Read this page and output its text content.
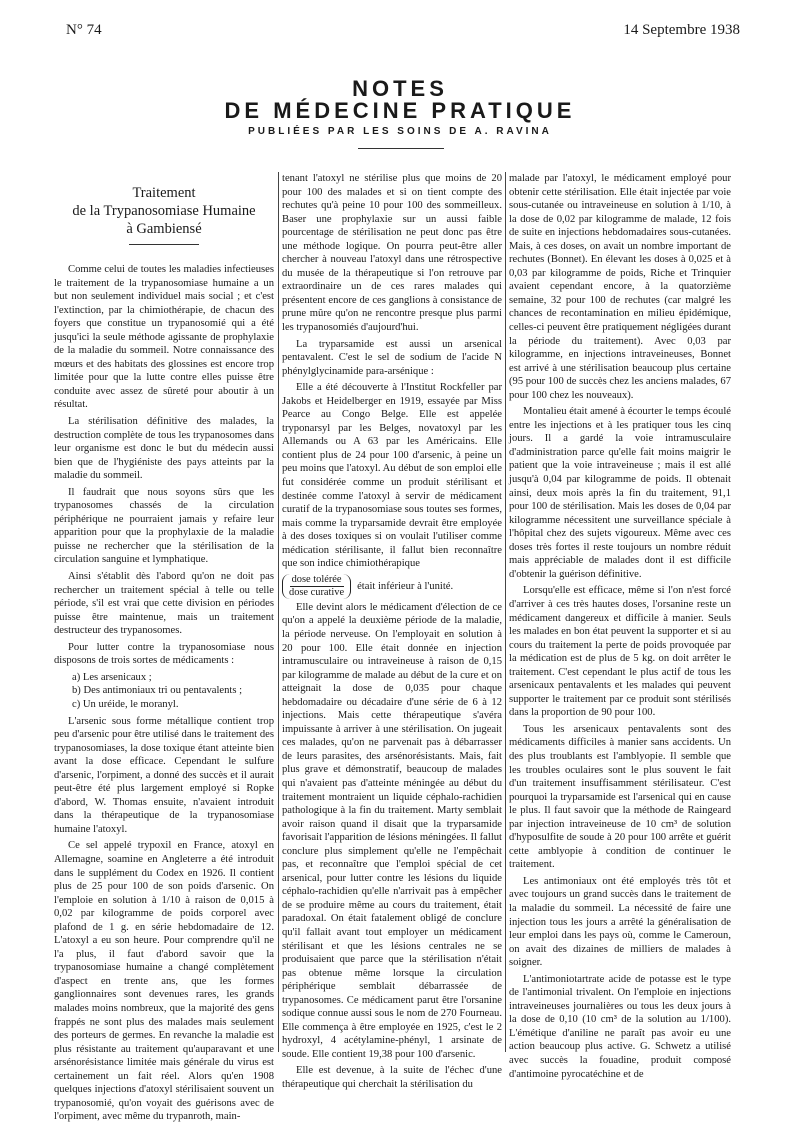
N° 74	14 Septembre 1938
NOTES
DE MÉDECINE PRATIQUE
PUBLIÉES PAR LES SOINS DE A. RAVINA
Traitement
de la Trypanosomiase Humaine
à Gambiensé

Comme celui de toutes les maladies infectieuses le traitement de la trypanosomiase humaine a un but non seulement individuel mais social ; et c'est l'extinction, par la chimiothérapie, de chacun des foyers que constitue un trypanosomié qui a été jusqu'ici la seule méthode agissante de prophylaxie de la maladie du sommeil. Notre connaissance des mœurs et des habitats des glossines est encore trop limitée pour que la lutte contre elles puisse être conduite avec assez de sûreté pour aboutir à un résultat.

La stérilisation définitive des malades, la destruction complète de tous les trypanosomes dans leur organisme est donc le but du médecin aussi bien que de l'hygiéniste des pays atteints par la maladie du sommeil.

Il faudrait que nous soyons sûrs que les trypanosomes chassés de la circulation périphérique ne pourraient jamais y refaire leur apparition pour que la prophylaxie de la maladie puisse ne rechercher que la stérilisation de la circulation sanguine et lymphatique.

Ainsi s'établit dès l'abord qu'on ne doit pas rechercher un traitement spécial à telle ou telle période, s'il est vrai que cette division en périodes puisse être maintenue, mais un traitement destructeur des trypanosomes.

Pour lutter contre la trypanosomiase nous disposons de trois sortes de médicaments :

a) Les arsenicaux ;
b) Des antimoniaux tri ou pentavalents ;
c) Un uréide, le moranyl.

L'arsenic sous forme métallique contient trop peu d'arsenic pour être utilisé dans le traitement des trypanosomiases, la dose toxique étant atteinte bien avant la dose efficace. Cependant le sulfure d'arsenic, l'orpiment, a donné des succès et il aurait peut-être été plus largement employé si Ropke d'abord, W. Thomas ensuite, n'avaient introduit dans la thérapeutique de la trypanosomiase humaine l'atoxyl.

Ce sel appelé trypoxil en France, atoxyl en Allemagne, soamine en Angleterre a été introduit dans le supplément du Codex en 1926. Il contient plus de 25 pour 100 de son poids d'arsenic. On l'emploie en solution à 1/10 à raison de 0,015 à 0,02 par kilogramme de poids corporel avec plafond de 1 g. en série hebdomadaire de 12. L'atoxyl a eu son heure. Pour comprendre qu'il ne l'a plus, il faut d'abord savoir que la trypanosomiase humaine a changé complètement d'aspect en trente ans, que les formes ganglionnaires sont devenues rares, les grands malades moins nombreux, que la majorité des gens frappés ne sont plus des malades mais seulement des porteurs de germes. En revanche la maladie est plus résistante au traitement qu'auparavant et une arsénorésistance limitée mais générale du virus est certainement un fait réel. Alors qu'en 1908 quelques injections d'atoxyl stérilisaient souvent un trypanosomié, qu'on voyait des guérisons avec de l'orpiment, avec même du trypanroth, main-

tenant l'atoxyl ne stérilise plus que moins de 20 pour 100 des malades et si on tient compte des rechutes qu'à peine 10 pour 100 des sommeilleux. Baser une prophylaxie sur un aussi faible pourcentage de stérilisation ne peut donc pas être une méthode logique. On pourra peut-être aller chercher à nouveau l'atoxyl dans une rétrospective du musée de la thérapeutique si l'on retrouve par extraordinaire un de ces rares malades qui présentent encore de ces ganglions à consistance de prune mûre qu'on ne rencontre presque plus parmi les trypanosomiés d'aujourd'hui.

La tryparsamide est aussi un arsenical pentavalent. C'est le sel de sodium de l'acide N phénylglycinamide para-arsénique :

Elle a été découverte à l'Institut Rockfeller par Jakobs et Heidelberger en 1919, essayée par Miss Pearce au Congo Belge. Elle est appelée tryponarsyl par les Belges, novatoxyl par les Allemands ou A 63 par les Américains. Elle contient plus de 24 pour 100 d'arsenic, à peine un peu moins que l'atoxyl. Au début de son emploi elle fut considérée comme un produit stérilisant et destinée comme l'atoxyl à servir de médicament curatif de la trypanosomiase sous toutes ses formes, mais comme la tryparsamide devrait être employée à des doses toxiques si on voulait l'utiliser comme médication stérilisante, il fallut bien reconnaître que son indice chimiothérapique

$\frac{\text{dose tolérée}}{\text{dose curative}}$ était inférieur à l'unité.

Elle devint alors le médicament d'élection de ce qu'on a appelé la deuxième période de la maladie, la période nerveuse. On l'employait en solution à 20 pour 100. Elle était donnée en injection intramusculaire ou intraveineuse à raison de 0,15 par kilogramme de malade au début de la cure et on atteignait la dose de 0,035 pour chaque hebdomadaire ou décadaire d'une série de 6 à 12 injections. Mais cette thérapeutique s'avéra impuissante à arriver à une stérilisation. On jugeait ces malades, qu'on ne parvenait pas à débarrasser de leurs parasites, des arsénorésistants. Mais, fait plus grave et démonstratif, beaucoup de malades qui n'avaient pas d'atteinte méningée au début du traitement montraient un liquide céphalo-rachidien pathologique à la fin du traitement. Marty semblait avoir raison quand il disait que la tryparsamide favorisait l'apparition de lésions méningées. Il fallut conclure plus simplement qu'elle ne l'empêchait pas, et reconnaître que l'emploi spécial de cet arsenical, pour lutter contre les lésions du liquide céphalo-rachidien qu'elle n'arrivait pas à empêcher de se produire même au cours du traitement, était paradoxal. On était fatalement obligé de conclure qu'il fallait avant tout employer un médicament stérilisant et que les lésions centrales ne se produisaient que parce que la stérilisation n'était pas obtenue même lorsque la circulation périphérique semblait débarrassée de trypanosomes. Ce médicament parut être l'orsanine sodique connue aussi sous le nom de 270 Fourneau. Elle commença à être employée en 1925, c'est le 2 hydroxyl, 4 acétylamine-phényl, 1 arsinate de soude. Elle contient 19,38 pour 100 d'arsenic.

Elle est devenue, à la suite de l'échec d'une thérapeutique qui cherchait la stérilisation du

malade par l'atoxyl, le médicament employé pour obtenir cette stérilisation. Elle était injectée par voie sous-cutanée ou intraveineuse en solution à 1/10, à la dose de 0,02 par kilogramme de malade, 12 fois de suite en injections hebdomadaires sous-cutanées. Mais, à ces doses, on avait un nombre important de rechutes (Bonnet). En élevant les doses à 0,025 et à 0,03 par kilogramme de poids, Riche et Trinquier avaient cependant encore, à la quatorzième semaine, 32 pour 100 de rechutes (car malgré les chances de recontamination en milieu épidémique, celles-ci peuvent être pratiquement négligées durant la période du traitement). Avec 0,03 par kilogramme, en injections intraveineuses, Bonnet est arrivé à une stérilisation beaucoup plus certaine (95 pour 100 de succès chez les anciens malades, 67 pour 100 chez les nouveaux).

Montalieu était amené à écourter le temps écoulé entre les injections et à les pratiquer tous les cinq jours. Il a gardé la voie intramusculaire d'administration parce qu'elle fait moins maigrir le patient que la voie intraveineuse ; mais il est allé jusqu'à 0,04 par kilogramme de poids. Il obtenait ainsi, deux mois après la fin du traitement, 91,1 pour 100 de stérilisation. Mais les doses de 0,04 par kilogramme nécessitent une surveillance spéciale à l'hôpital chez des sujets vigoureux. Même avec ces doses très fortes il reste toujours un nombre réduit mais appréciable de malades dont il est difficile d'obtenir la guérison définitive.

Lorsqu'elle est efficace, même si l'on n'est forcé d'arriver à ces très hautes doses, l'orsanine reste un médicament dangereux et difficile à manier. Seuls les malades en bon état peuvent la supporter et si au cours du traitement la perte de poids provoquée par la médication est de plus de 5 kg. on doit arrêter le traitement. C'est cependant le plus actif de tous les arsenicaux pentavalents et les malades qui peuvent supporter le traitement par ce produit sont stérilisés dans la proportion de 90 pour 100.

Tous les arsenicaux pentavalents sont des médicaments difficiles à manier sans accidents. Un des plus troublants est l'amblyopie. Il semble que les troubles oculaires sont le plus souvent le fait d'un traitement insuffisamment stérilisateur. C'est pourquoi la tryparsamide est l'arsenical qui en cause le plus. Il faut savoir que la méthode de Raingeard par injection intraveineuse de 10 cm³ de solution d'hyposulfite de soude à 20 pour 100 arrête et guérit cette amblyopie à condition de continuer le traitement.

Les antimoniaux ont été employés très tôt et avec toujours un grand succès dans le traitement de la maladie du sommeil. La nécessité de faire une injection tous les jours a arrêté la généralisation de leur emploi dans les pays où, comme le Cameroun, on avait des dizaines de milliers de malades à soigner.

L'antimoniotartrate acide de potasse est le type de l'antimonial trivalent. On l'emploie en injections intraveineuses journalières ou tous les deux jours à la dose de 0,10 (10 cm³ de la solution au 1/100). L'émétique d'aniline ne paraît pas avoir eu une action beaucoup plus active. G. Schwetz a utilisé avec succès la fouadine, produit composé d'antimoine pyrocatéchine et de
